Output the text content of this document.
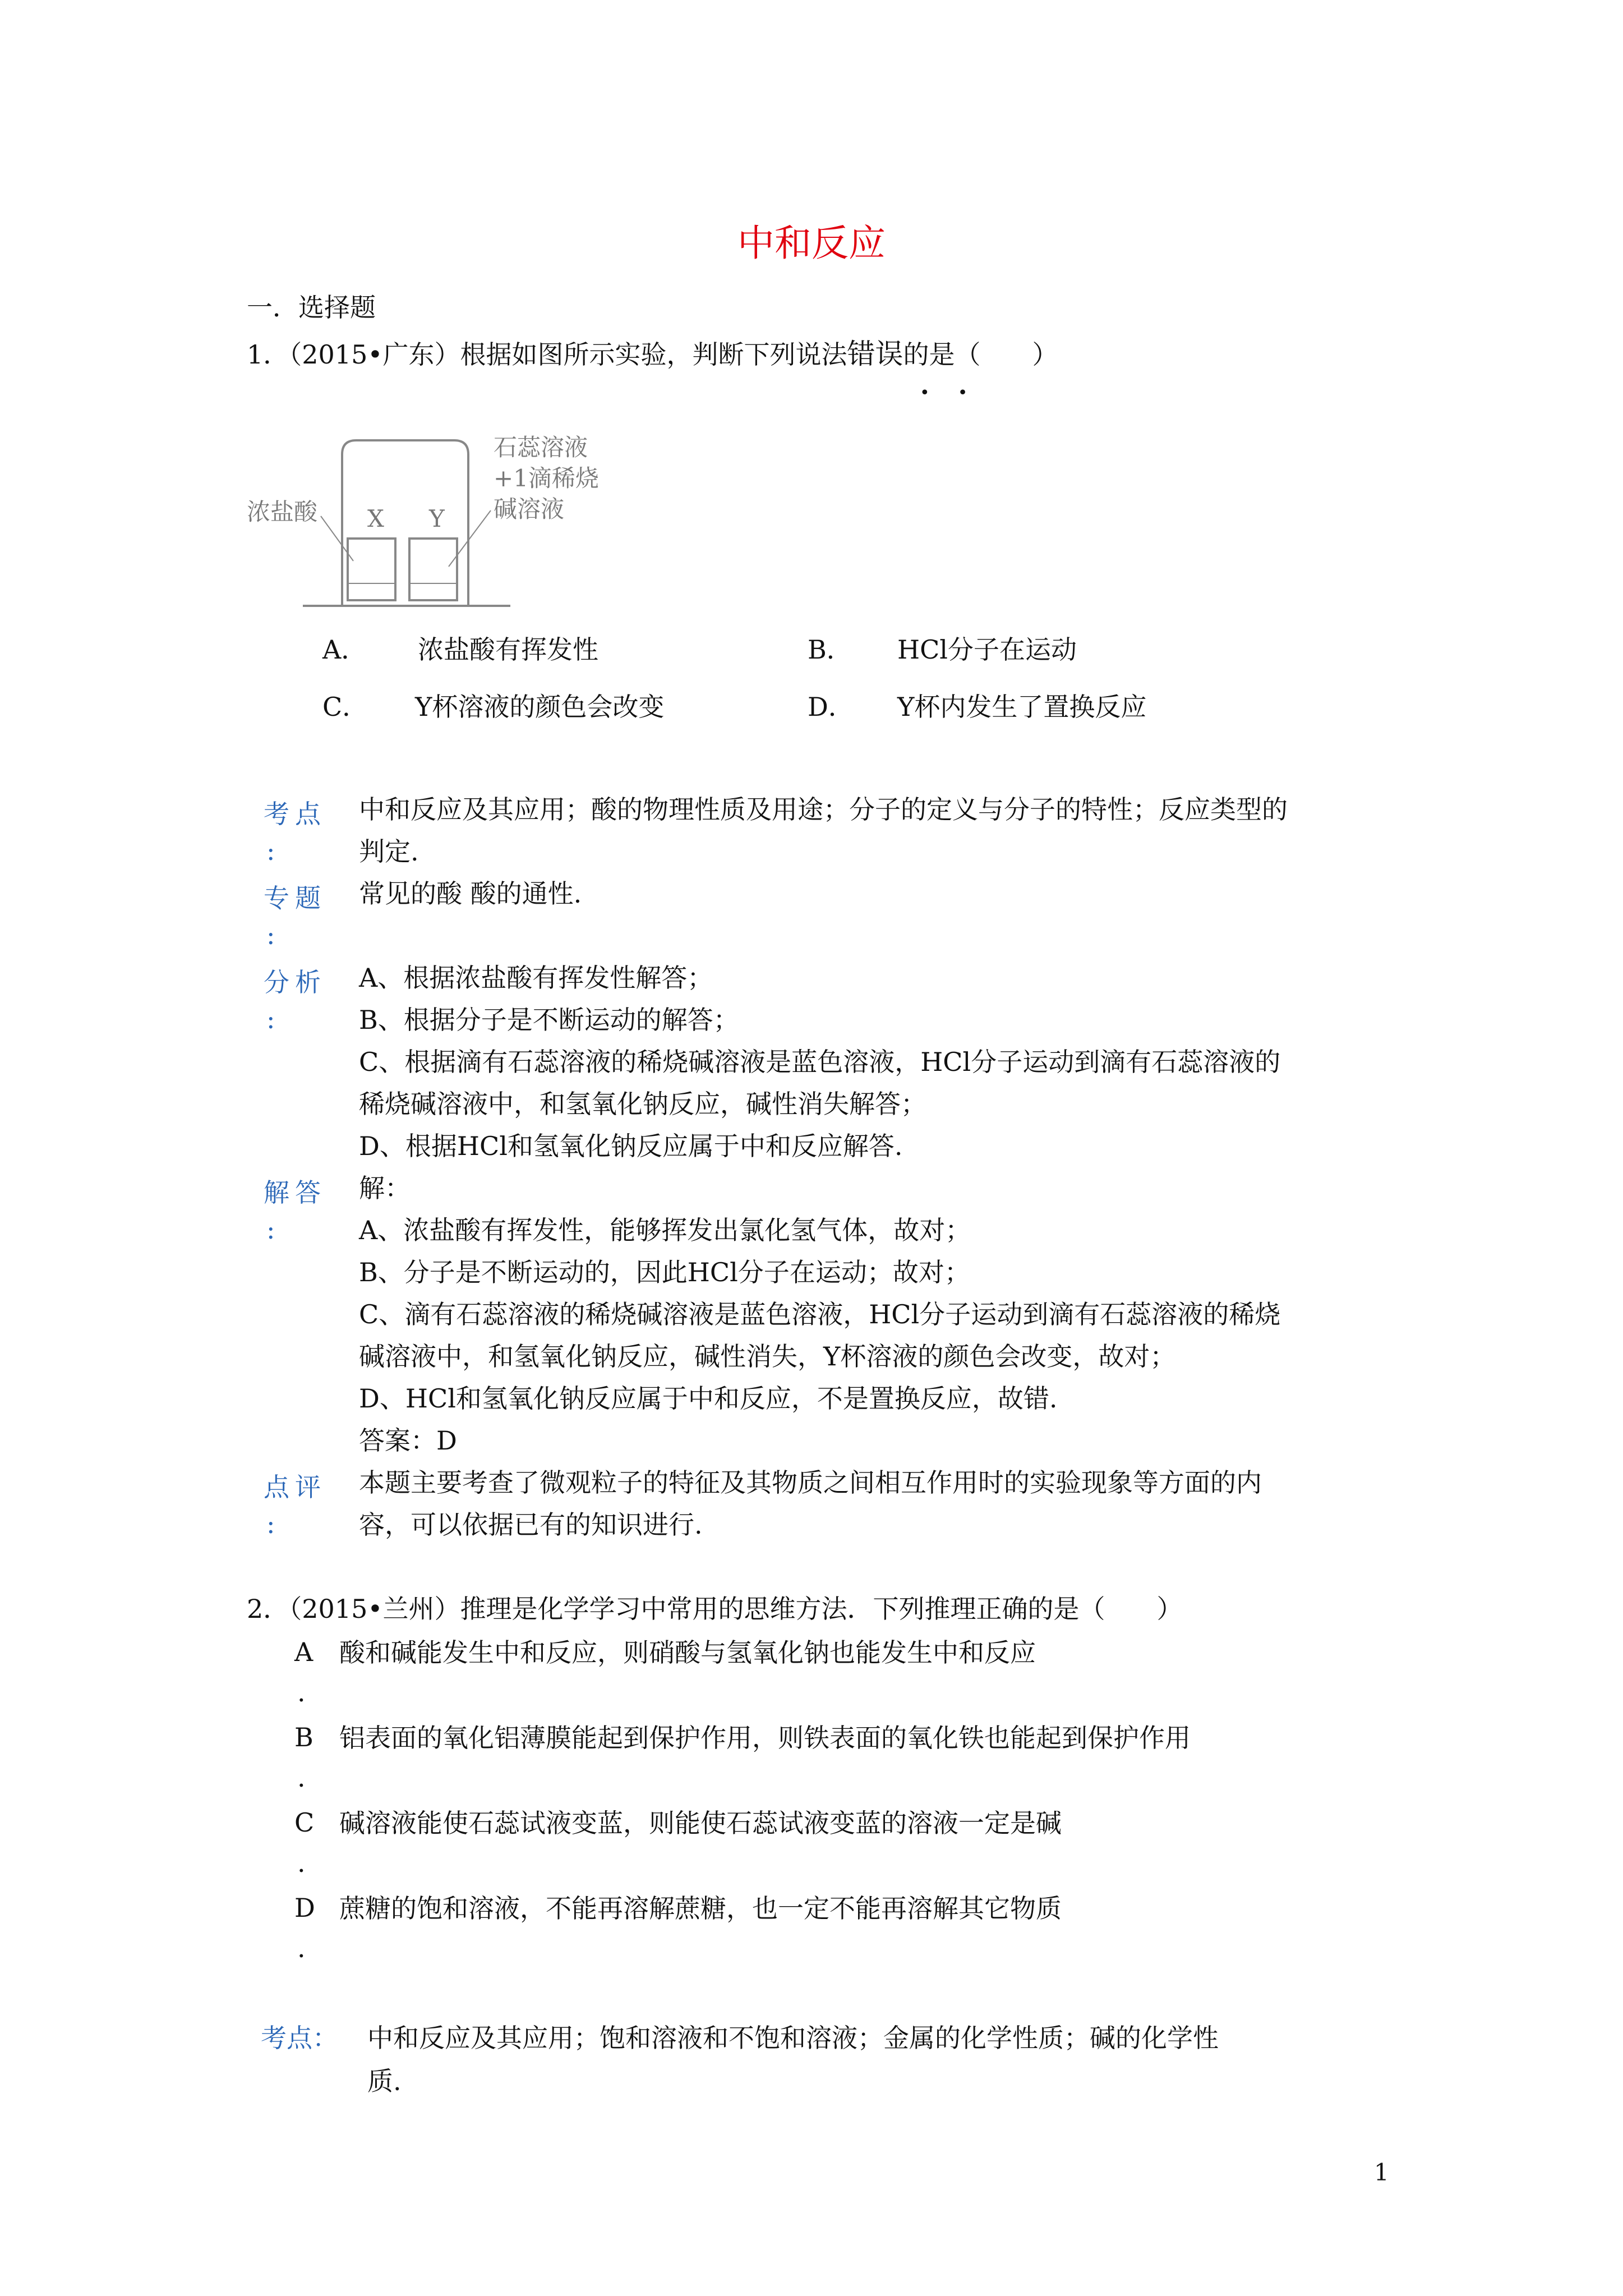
中和反应
一．选择题
1．（2015•广东）根据如图所示实验，判断下列说法错误的是（　　）
••
浓盐酸 X Y
石蕊溶液
+1滴稀烧
碱溶液
A． 浓盐酸有挥发性	B． HCl分子在运动
C． Y杯溶液的颜色会改变	D． Y杯内发生了置换反应
考点
:
中和反应及其应用；酸的物理性质及用途；分子的定义与分子的特性；反应类型的
判定.
专题
:
常见的酸 酸的通性.
分析
:
A、根据浓盐酸有挥发性解答；
B、根据分子是不断运动的解答；
C、根据滴有石蕊溶液的稀烧碱溶液是蓝色溶液，HCl分子运动到滴有石蕊溶液的
稀烧碱溶液中，和氢氧化钠反应，碱性消失解答；
D、根据HCl和氢氧化钠反应属于中和反应解答.
解答
:
解：
A、浓盐酸有挥发性，能够挥发出氯化氢气体，故对；
B、分子是不断运动的，因此HCl分子在运动；故对；
C、滴有石蕊溶液的稀烧碱溶液是蓝色溶液，HCl分子运动到滴有石蕊溶液的稀烧
碱溶液中，和氢氧化钠反应，碱性消失，Y杯溶液的颜色会改变，故对；
D、HCl和氢氧化钠反应属于中和反应，不是置换反应，故错.
答案：D
点评
:
本题主要考查了微观粒子的特征及其物质之间相互作用时的实验现象等方面的内
容，可以依据已有的知识进行.
2．（2015•兰州）推理是化学学习中常用的思维方法．下列推理正确的是（　　）
A 酸和碱能发生中和反应，则硝酸与氢氧化钠也能发生中和反应
.
B 铝表面的氧化铝薄膜能起到保护作用，则铁表面的氧化铁也能起到保护作用
.
C 碱溶液能使石蕊试液变蓝，则能使石蕊试液变蓝的溶液一定是碱
.
D 蔗糖的饱和溶液，不能再溶解蔗糖，也一定不能再溶解其它物质
.
考点： 中和反应及其应用；饱和溶液和不饱和溶液；金属的化学性质；碱的化学性
质.
1
